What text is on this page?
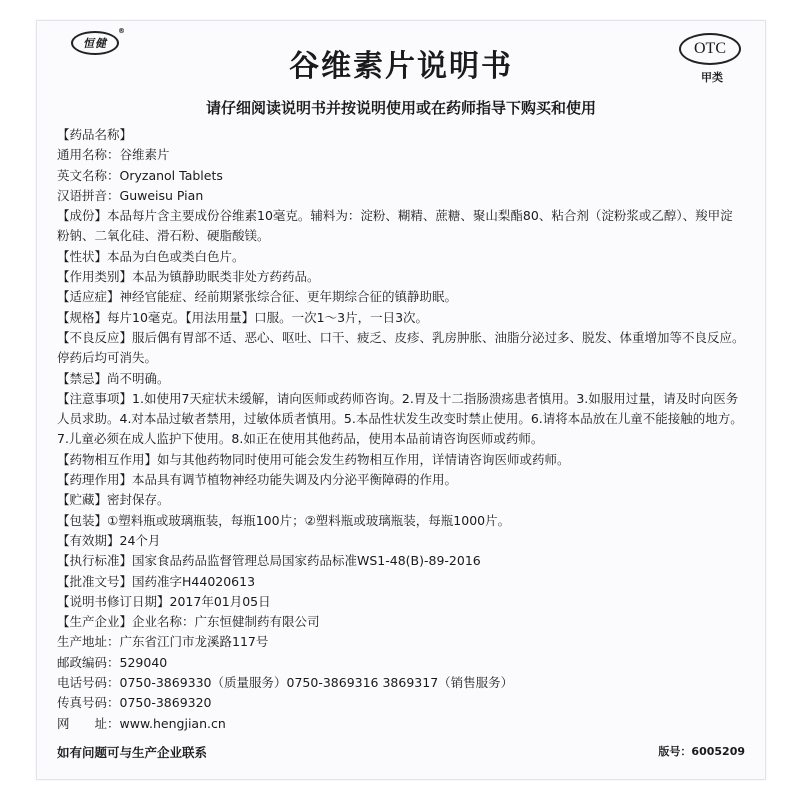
恒健
®
谷维素片说明书
OTC
甲类
请仔细阅读说明书并按说明使用或在药师指导下购买和使用
【药品名称】
通用名称：谷维素片
英文名称：Oryzanol Tablets
汉语拼音：Guweisu Pian
【成份】本品每片含主要成份谷维素10毫克。辅料为：淀粉、糊精、蔗糖、聚山梨酯80、粘合剂（淀粉浆或乙醇）、羧甲淀粉钠、二氧化硅、滑石粉、硬脂酸镁。
【性状】本品为白色或类白色片。
【作用类别】本品为镇静助眠类非处方药药品。
【适应症】神经官能症、经前期紧张综合征、更年期综合征的镇静助眠。
【规格】每片10毫克。【用法用量】口服。一次1～3片，一日3次。
【不良反应】服后偶有胃部不适、恶心、呕吐、口干、疲乏、皮疹、乳房肿胀、油脂分泌过多、脱发、体重增加等不良反应。停药后均可消失。
【禁忌】尚不明确。
【注意事项】1.如使用7天症状未缓解，请向医师或药师咨询。2.胃及十二指肠溃疡患者慎用。3.如服用过量，请及时向医务人员求助。4.对本品过敏者禁用，过敏体质者慎用。5.本品性状发生改变时禁止使用。6.请将本品放在儿童不能接触的地方。7.儿童必须在成人监护下使用。8.如正在使用其他药品，使用本品前请咨询医师或药师。
【药物相互作用】如与其他药物同时使用可能会发生药物相互作用，详情请咨询医师或药师。
【药理作用】本品具有调节植物神经功能失调及内分泌平衡障碍的作用。
【贮藏】密封保存。
【包装】①塑料瓶或玻璃瓶装，每瓶100片；②塑料瓶或玻璃瓶装，每瓶1000片。
【有效期】24个月
【执行标准】国家食品药品监督管理总局国家药品标准WS1-48(B)-89-2016
【批准文号】国药准字H44020613
【说明书修订日期】2017年01月05日
【生产企业】企业名称：广东恒健制药有限公司
生产地址：广东省江门市龙溪路117号
邮政编码：529040
电话号码：0750-3869330（质量服务）0750-3869316 3869317（销售服务）
传真号码：0750-3869320
网　　址：www.hengjian.cn
如有问题可与生产企业联系	版号：6005209
